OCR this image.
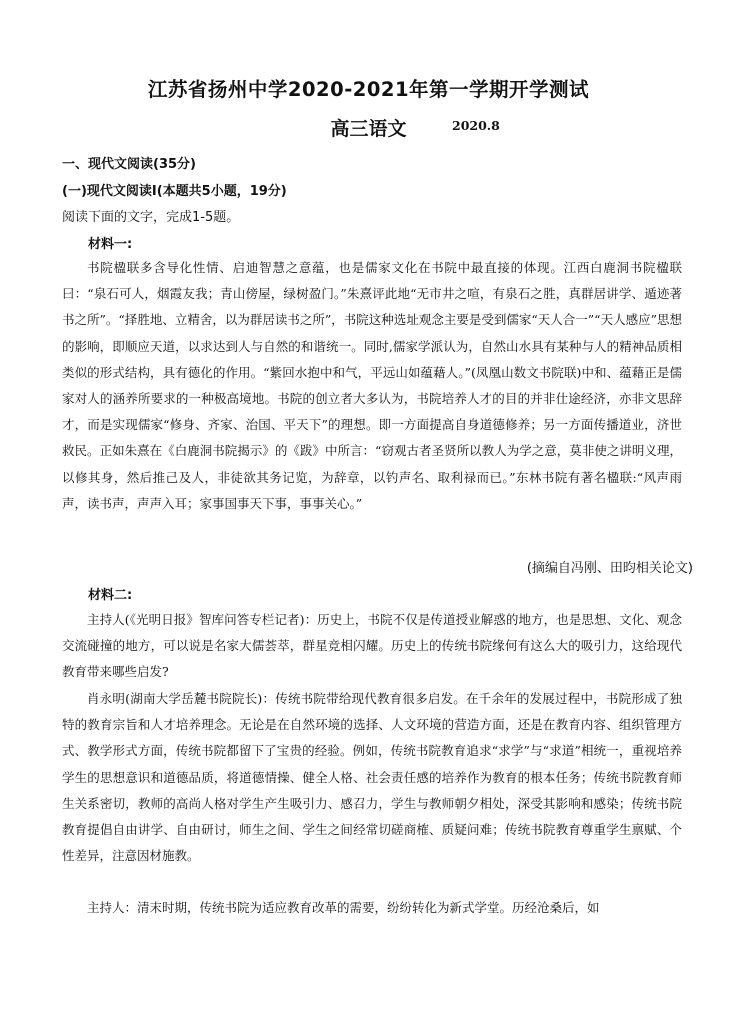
江苏省扬州中学2020-2021年第一学期开学测试
高三语文	2020.8
一、现代文阅读(35分)
(一)现代文阅读Ⅰ(本题共5小题，19分)
阅读下面的文字，完成1-5题。
材料一:
书院楹联多含导化性情、启迪智慧之意蕴，也是儒家文化在书院中最直接的体现。江西白鹿洞书院楹联曰：“泉石可人，烟霞友我；青山傍屋，绿树盈门。”朱熹评此地“无市井之喧，有泉石之胜，真群居讲学、遁迹著书之所”。“择胜地、立精舍，以为群居读书之所”，书院这种选址观念主要是受到儒家“天人合一”“天人感应”思想的影响，即顺应天道，以求达到人与自然的和谐统一。同时,儒家学派认为，自然山水具有某种与人的精神品质相类似的形式结构，具有德化的作用。“紫回水抱中和气，平远山如蕴藉人。”(凤凰山数文书院联)中和、蕴藉正是儒家对人的涵养所要求的一种极高境地。书院的创立者大多认为，书院培养人才的目的并非仕途经济，亦非文思辞才，而是实现儒家“修身、齐家、治国、平天下”的理想。即一方面提高自身道德修养；另一方面传播道业，济世救民。正如朱熹在《白鹿洞书院揭示》的《跋》中所言：“窃观古者圣贤所以教人为学之意，莫非使之讲明义理，以修其身，然后推己及人，非徒欲其务记览，为辞章，以钓声名、取利禄而已。”东林书院有著名楹联:“风声雨声，读书声，声声入耳；家事国事天下事，事事关心。”
(摘编自冯刚、田昀相关论文)
材料二:
主持人(《光明日报》智库问答专栏记者)：历史上，书院不仅是传道授业解惑的地方，也是思想、文化、观念交流碰撞的地方，可以说是名家大儒荟萃，群星竞相闪耀。历史上的传统书院缘何有这么大的吸引力，这给现代教育带来哪些启发?
肖永明(湖南大学岳麓书院院长)：传统书院带给现代教育很多启发。在千余年的发展过程中，书院形成了独特的教育宗旨和人才培养理念。无论是在自然环境的选择、人文环境的营造方面，还是在教育内容、组织管理方式、教学形式方面，传统书院都留下了宝贵的经验。例如，传统书院教育追求“求学”与“求道”相统一，重视培养学生的思想意识和道德品质，将道德情操、健全人格、社会责任感的培养作为教育的根本任务；传统书院教育师生关系密切，教师的高尚人格对学生产生吸引力、感召力，学生与教师朝夕相处，深受其影响和感染；传统书院教育提倡自由讲学、自由研讨，师生之间、学生之间经常切磋商榷、质疑问难；传统书院教育尊重学生禀赋、个性差异，注意因材施教。
主持人：清末时期，传统书院为适应教育改革的需要，纷纷转化为新式学堂。历经沧桑后，如
